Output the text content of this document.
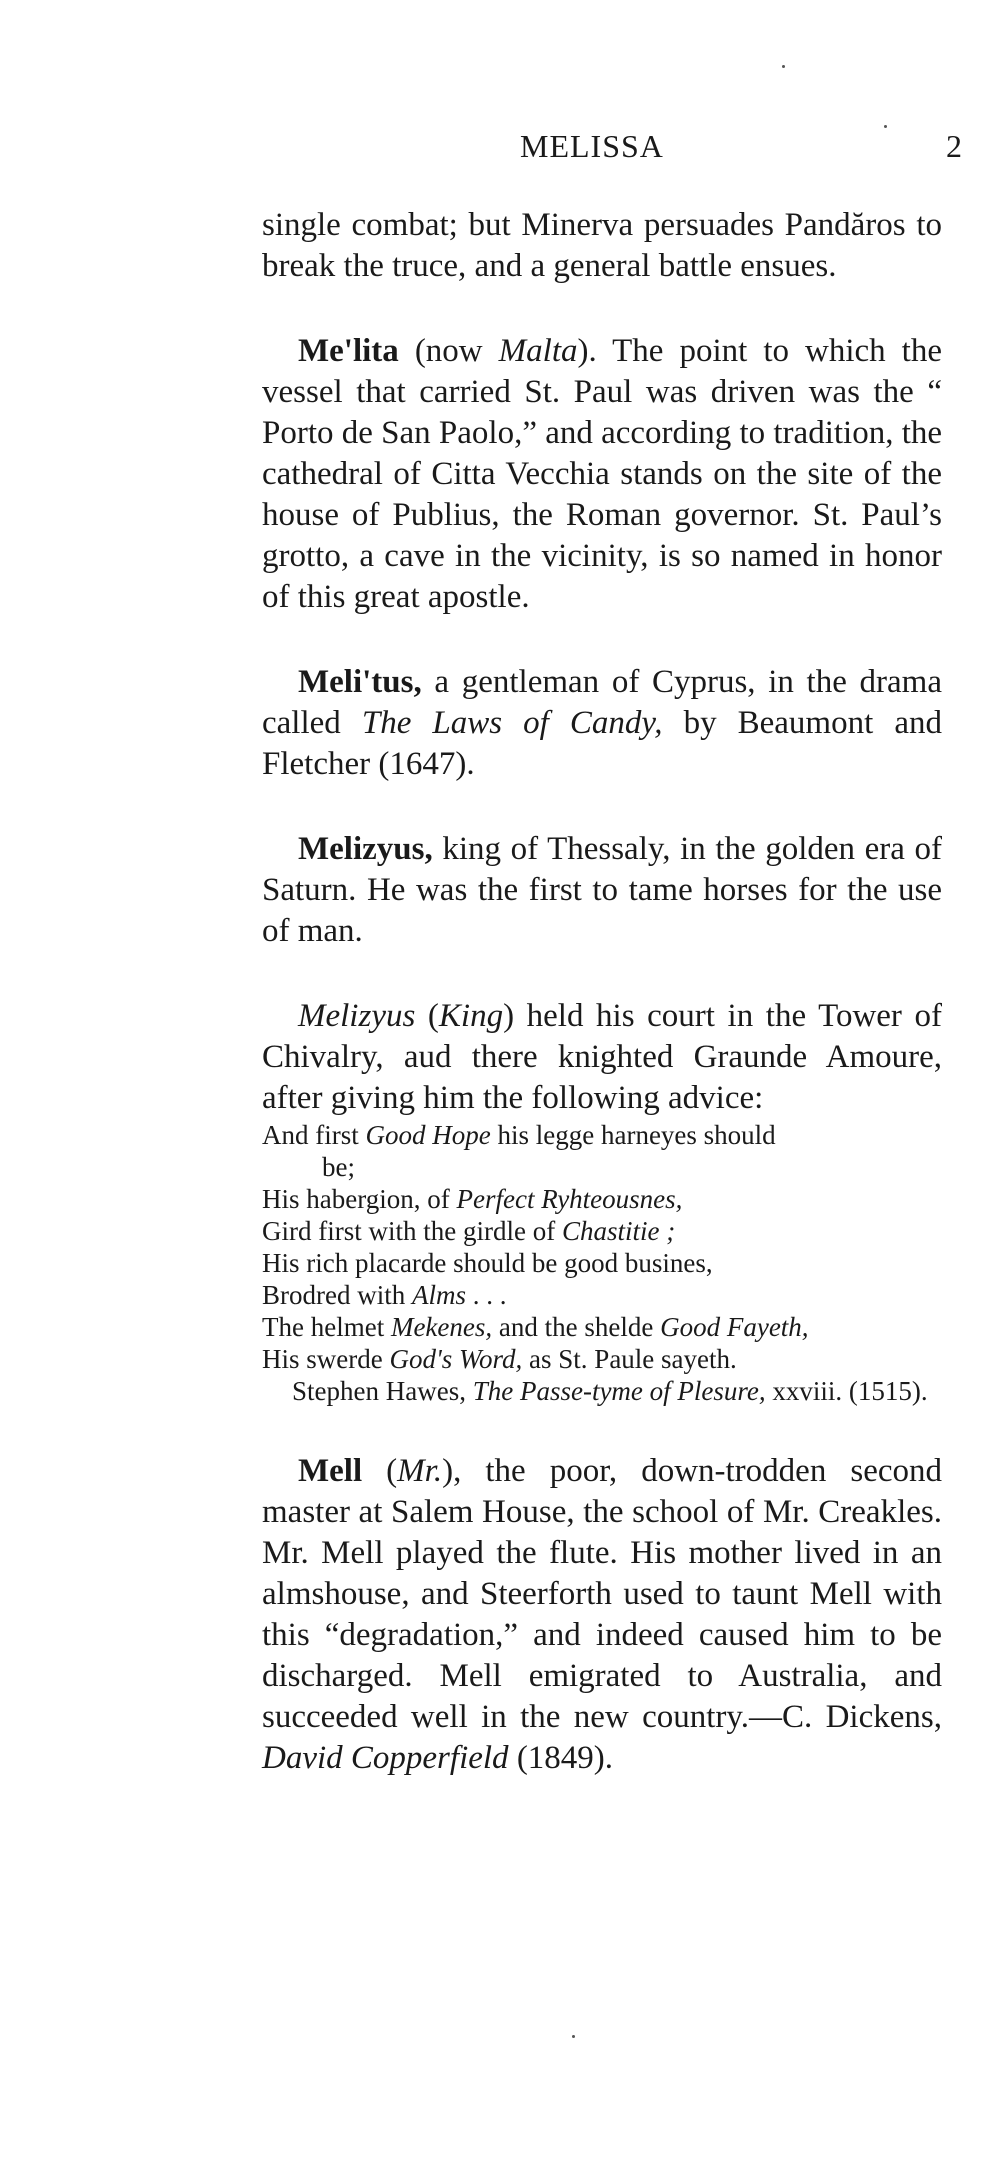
MELISSA	2

single combat; but Minerva persuades Pandăros to break the truce, and a general battle ensues.

Me'lita (now Malta). The point to which the vessel that carried St. Paul was driven was the “ Porto de San Paolo,” and according to tradition, the cathedral of Citta Vecchia stands on the site of the house of Publius, the Roman governor. St. Paul’s grotto, a cave in the vicinity, is so named in honor of this great apostle.

Meli'tus, a gentleman of Cyprus, in the drama called The Laws of Candy, by Beaumont and Fletcher (1647).

Melizyus, king of Thessaly, in the golden era of Saturn. He was the first to tame horses for the use of man.

Melizyus (King) held his court in the Tower of Chivalry, aud there knighted Graunde Amoure, after giving him the following advice:

And first Good Hope his legge harneyes should
be;
His habergion, of Perfect Ryhteousnes,
Gird first with the girdle of Chastitie ;
His rich placarde should be good busines,
Brodred with Alms . . .
The helmet Mekenes, and the shelde Good Fayeth,
His swerde God's Word, as St. Paule sayeth.
Stephen Hawes, The Passe-tyme of Plesure, xxviii. (1515).

Mell (Mr.), the poor, down-trodden second master at Salem House, the school of Mr. Creakles. Mr. Mell played the flute. His mother lived in an almshouse, and Steerforth used to taunt Mell with this “degradation,” and indeed caused him to be discharged. Mell emigrated to Australia, and succeeded well in the new country.—C. Dickens, David Copperfield (1849).
